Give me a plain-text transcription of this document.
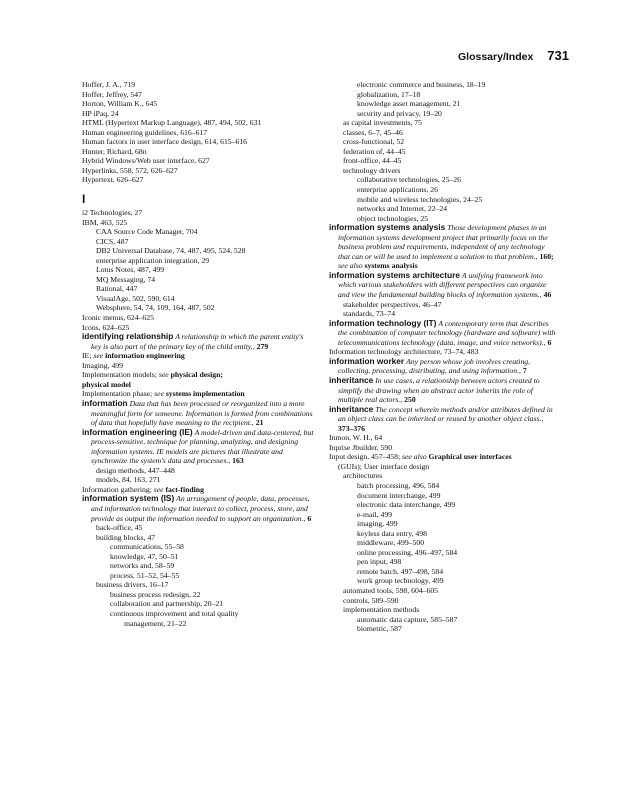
Glossary/Index 731
Hoffer, J. A., 719
Hoffer, Jeffrey, 547
Horton, William K., 645
HP iPaq, 24
HTML (Hypertext Markup Language), 487, 494, 502, 631
Human engineering guidelines, 616–617
Human factors in user interface design, 614, 615–616
Hunter, Richard, 68n
Hybrid Windows/Web user interface, 627
Hyperlinks, 558, 572, 626–627
Hypertext, 626–627
I
i2 Technologies, 27
IBM, 463, 525
CAA Source Code Manager, 704
CICS, 487
DB2 Universal Database, 74, 487, 495, 524, 528
enterprise application integration, 29
Lotus Notes, 487, 499
MQ Messaging, 74
Rational, 447
VisualAge, 502, 590, 614
Websphere, 54, 74, 109, 164, 487, 502
Iconic menus, 624–625
Icons, 624–625
identifying relationship A relationship in which the parent entity's key is also part of the primary key of the child entity., 279
IE; see information engineering
Imaging, 499
Implementation models; see physical design;
physical model
Implementation phase; see systems implementation
information Data that has been processed or reorganized into a more meaningful form for someone. Information is formed from combinations of data that hopefully have meaning to the recipient., 21
information engineering (IE) A model-driven and data-centered, but process-sensitive, technique for planning, analyzing, and designing information systems. IE models are pictures that illustrate and synchronize the system's data and processes., 163
design methods, 447–448
models, 84, 163, 271
Information gathering; see fact-finding
information system (IS) An arrangement of people, data, processes, and information technology that interact to collect, process, store, and provide as output the information needed to support an organization., 6
back-office, 45
building blocks, 47
communications, 55–58
knowledge, 47, 50–51
networks and, 58–59
process, 51–52, 54–55
business drivers, 16–17
business process redesign, 22
collaboration and partnership, 20–21
continuous improvement and total quality
management, 21–22
electronic commerce and business, 18–19
globalization, 17–18
knowledge asset management, 21
security and privacy, 19–20
as capital investments, 75
classes, 6–7, 45–46
cross-functional, 52
federation of, 44–45
front-office, 44–45
technology drivers
collaborative technologies, 25–26
enterprise applications, 26
mobile and wireless technologies, 24–25
networks and Internet, 22–24
object technologies, 25
information systems analysis Those development phases in an information systems development project that primarily focus on the business problem and requirements, independent of any technology that can or will be used to implement a solution to that problem., 160; see also systems analysis
information systems architecture A unifying framework into which various stakeholders with different perspectives can organize and view the fundamental building blocks of information systems., 46
stakeholder perspectives, 46–47
standards, 73–74
information technology (IT) A contemporary term that describes the combination of computer technology (hardware and software) with telecommunications technology (data, image, and voice networks)., 6
Information technology architecture, 73–74, 483
information worker Any person whose job involves creating, collecting, processing, distributing, and using information., 7
inheritance In use cases, a relationship between actors created to simplify the drawing when an abstract actor inherits the role of multiple real actors., 250
inheritance The concept wherein methods and/or attributes defined in an object class can be inherited or reused by another object class., 373–376
Inmon, W. H., 64
Inprise Jbuilder, 590
Input design, 457–458; see also Graphical user interfaces
(GUIs); User interface design
architectures
batch processing, 496, 584
document interchange, 499
electronic data interchange, 499
e-mail, 499
imaging, 499
keyless data entry, 498
middleware, 499–500
online processing, 496–497, 584
pen input, 498
remote batch, 497–498, 584
work group technology, 499
automated tools, 598, 604–605
controls, 589–590
implementation methods
automatic data capture, 585–587
biometric, 587
